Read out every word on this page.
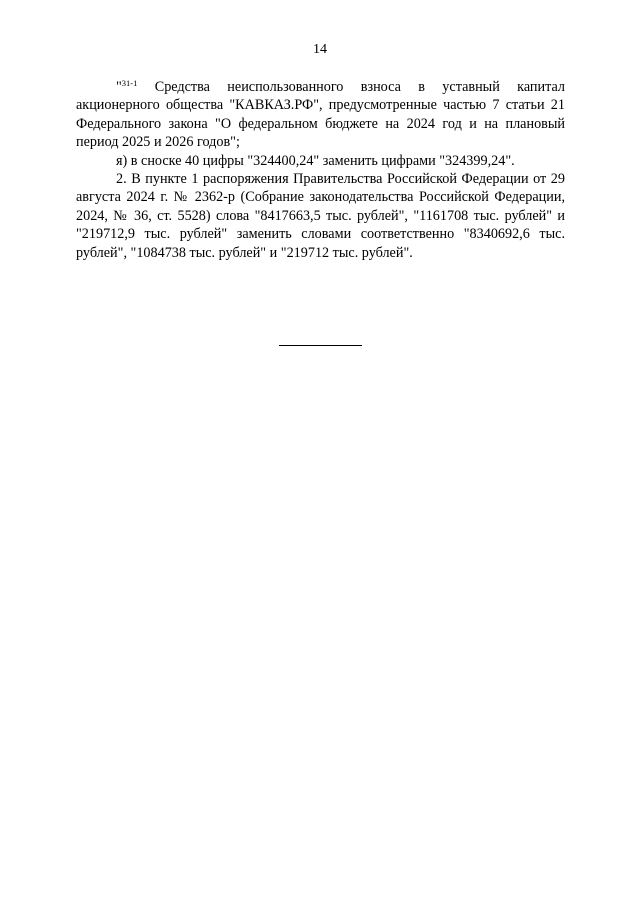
14

"$^{31-1}$ Средства неиспользованного взноса в уставный капитал акционерного общества "КАВКАЗ.РФ", предусмотренные частью 7 статьи 21 Федерального закона "О федеральном бюджете на 2024 год и на плановый период 2025 и 2026 годов";

я) в сноске 40 цифры "324400,24" заменить цифрами "324399,24".

2. В пункте 1 распоряжения Правительства Российской Федерации от 29 августа 2024 г. № 2362-р (Собрание законодательства Российской Федерации, 2024, № 36, ст. 5528) слова "8417663,5 тыс. рублей", "1161708 тыс. рублей" и "219712,9 тыс. рублей" заменить словами соответственно "8340692,6 тыс. рублей", "1084738 тыс. рублей" и "219712 тыс. рублей".
